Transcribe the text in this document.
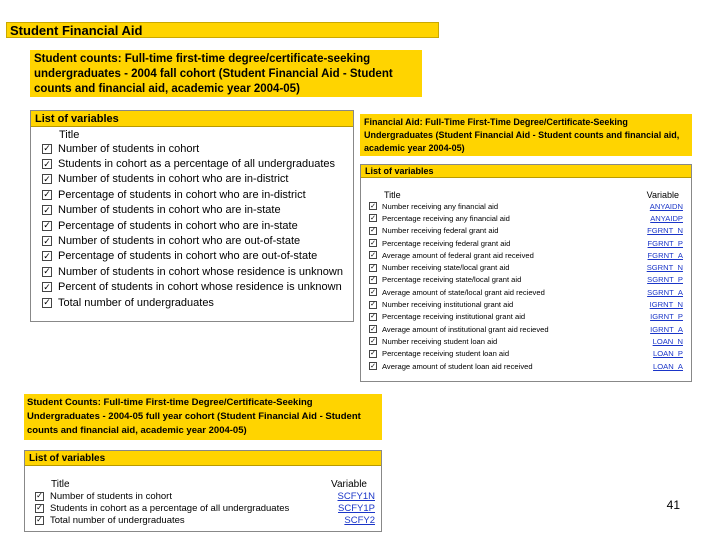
Student Financial Aid
Student counts: Full-time first-time degree/certificate-seeking undergraduates - 2004 fall cohort (Student Financial Aid - Student counts and financial aid, academic year 2004-05)
List of variables
Title
✓ Number of students in cohort
✓ Students in cohort as a percentage of all undergraduates
✓ Number of students in cohort who are in-district
✓ Percentage of students in cohort who are in-district
✓ Number of students in cohort who are in-state
✓ Percentage of students in cohort who are in-state
✓ Number of students in cohort who are out-of-state
✓ Percentage of students in cohort who are out-of-state
✓ Number of students in cohort whose residence is unknown
✓ Percent of students in cohort whose residence is unknown
✓ Total number of undergraduates
Financial Aid: Full-Time First-Time Degree/Certificate-Seeking Undergraduates (Student Financial Aid - Student counts and financial aid, academic year 2004-05)
List of variables
Title	Variable
✓ Number receiving any financial aid	ANYAIDN
✓ Percentage receiving any financial aid	ANYAIDP
✓ Number receiving federal grant aid	FGRNT_N
✓ Percentage receiving federal grant aid	FGRNT_P
✓ Average amount of federal grant aid received	FGRNT_A
✓ Number receiving state/local grant aid	SGRNT_N
✓ Percentage receiving state/local grant aid	SGRNT_P
✓ Average amount of state/local grant aid recieved	SGRNT_A
✓ Number receiving institutional grant aid	IGRNT_N
✓ Percentage receiving institutional grant aid	IGRNT_P
✓ Average amount of institutional grant aid recieved	IGRNT_A
✓ Number receiving student loan aid	LOAN_N
✓ Percentage receiving student loan aid	LOAN_P
✓ Average amount of student loan aid received	LOAN_A
Student Counts: Full-time First-time Degree/Certificate-Seeking Undergraduates - 2004-05 full year cohort (Student Financial Aid - Student counts and financial aid, academic year 2004-05)
List of variables
Title	Variable
✓ Number of students in cohort	SCFY1N
✓ Students in cohort as a percentage of all undergraduates	SCFY1P
✓ Total number of undergraduates	SCFY2
41
